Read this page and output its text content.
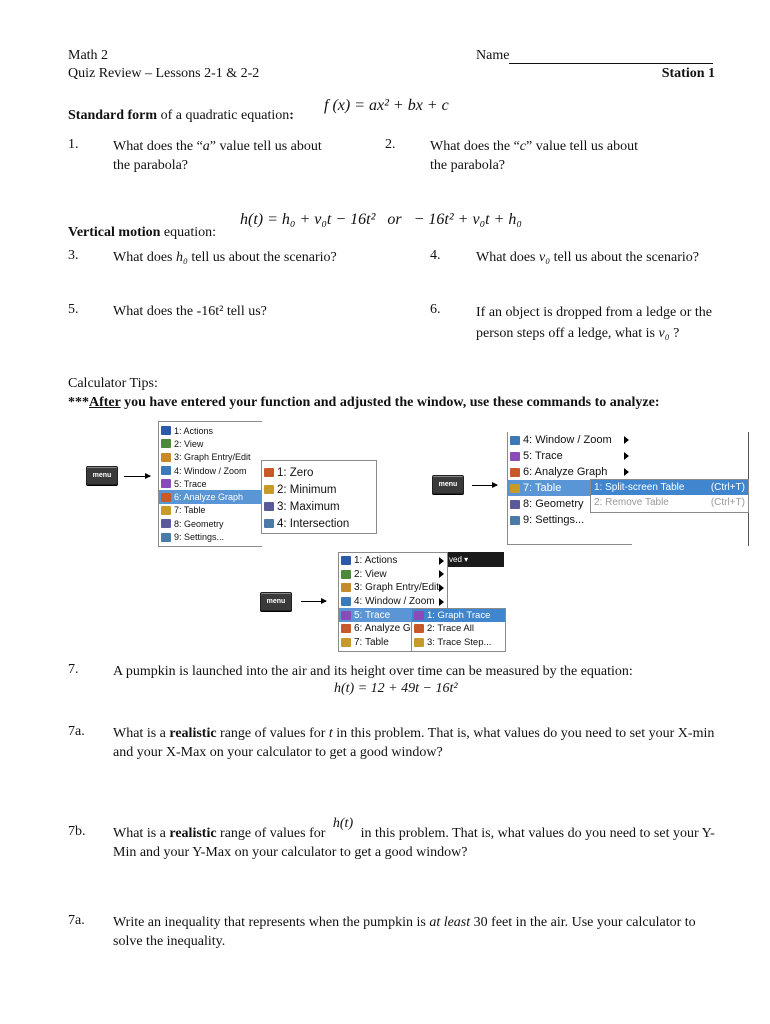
Math 2
Quiz Review – Lessons 2-1 & 2-2
Name
Station 1
Standard form of a quadratic equation:
f (x) = ax² + bx + c
1. What does the “a” value tell us about the parabola?
2. What does the “c” value tell us about the parabola?
Vertical motion equation:
h(t) = h₀ + v₀t − 16t²   or   − 16t² + v₀t + h₀
3. What does h₀ tell us about the scenario?	4.	What does v₀ tell us about the scenario?
5. What does the -16t² tell us?	6.	If an object is dropped from a ledge or the person steps off a ledge, what is v₀ ?
Calculator Tips:
***After you have entered your function and adjusted the window, use these commands to analyze:
menu
1: Actions
2: View
3: Graph Entry/Edit
4: Window / Zoom
5: Trace
6: Analyze Graph
7: Table
8: Geometry
9: Settings...
1: Zero
2: Minimum
3: Maximum
4: Intersection
menu
4: Window / Zoom
5: Trace
6: Analyze Graph
7: Table
8: Geometry
9: Settings...
1: Split-screen Table	(Ctrl+T)
2: Remove Table	(Ctrl+T)
menu
ved ▾
1: Actions
2: View
3: Graph Entry/Edit
4: Window / Zoom
5: Trace
6: Analyze G
7: Table
1: Graph Trace
2: Trace All
3: Trace Step...
7. A pumpkin is launched into the air and its height over time can be measured by the equation:
h(t) = 12 + 49t − 16t²
7a. What is a realistic range of values for t in this problem. That is, what values do you need to set your X-min and your X-Max on your calculator to get a good window?
7b. What is a realistic range of values for h(t) in this problem. That is, what values do you need to set your Y-Min and your Y-Max on your calculator to get a good window?
7a. Write an inequality that represents when the pumpkin is at least 30 feet in the air. Use your calculator to solve the inequality.
